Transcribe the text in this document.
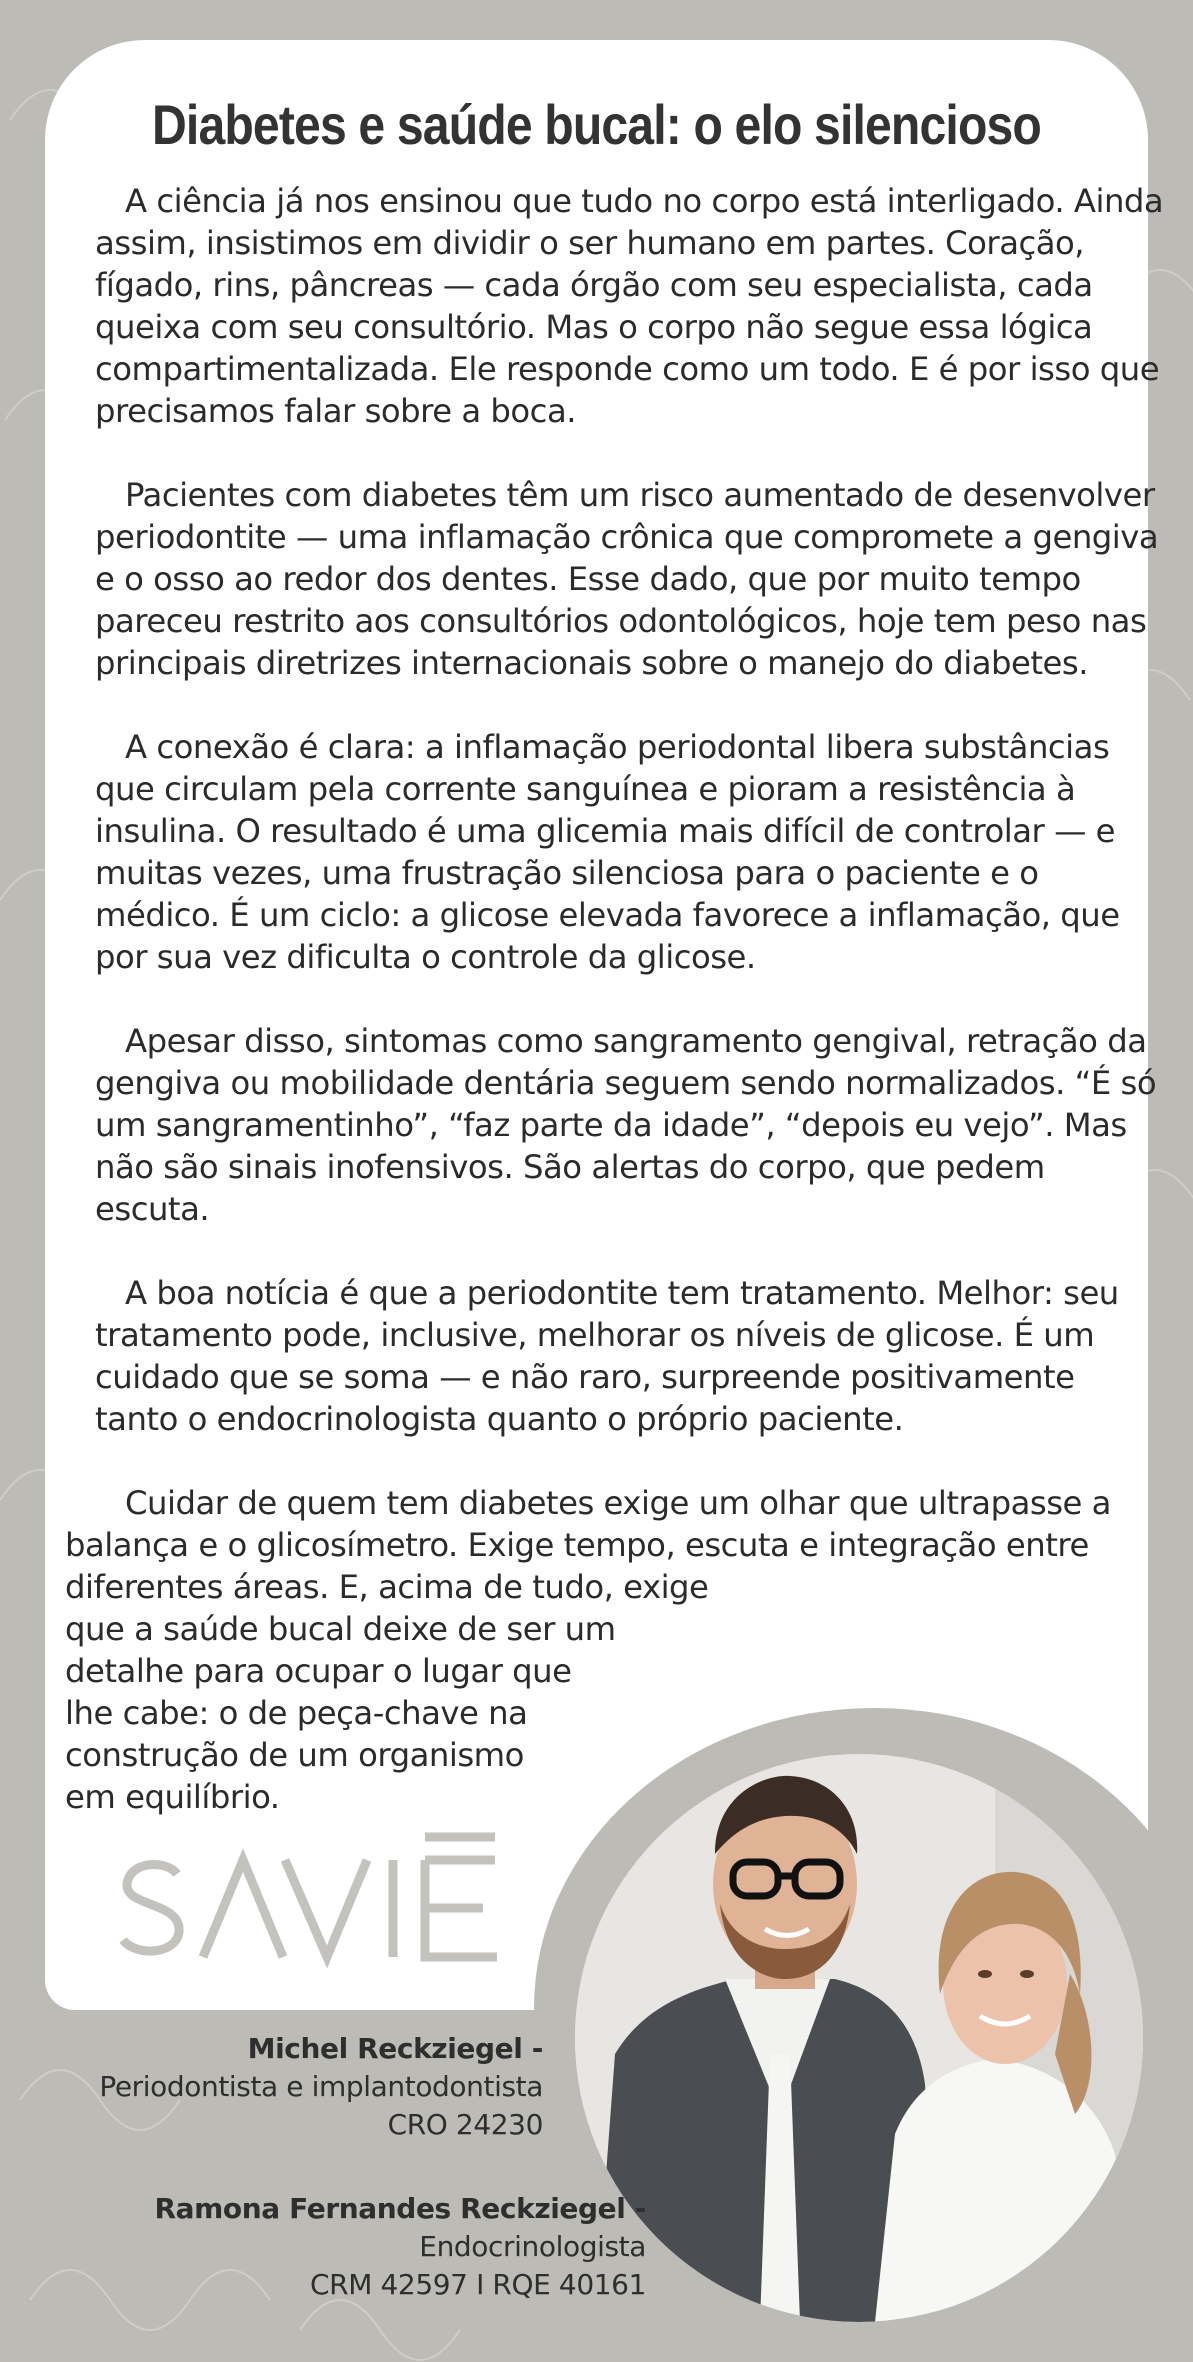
Diabetes e saúde bucal: o elo silencioso

A ciência já nos ensinou que tudo no corpo está interligado. Ainda assim, insistimos em dividir o ser humano em partes. Coração, fígado, rins, pâncreas — cada órgão com seu especialista, cada queixa com seu consultório. Mas o corpo não segue essa lógica compartimentalizada. Ele responde como um todo. E é por isso que precisamos falar sobre a boca.

Pacientes com diabetes têm um risco aumentado de desenvolver periodontite — uma inflamação crônica que compromete a gengiva e o osso ao redor dos dentes. Esse dado, que por muito tempo pareceu restrito aos consultórios odontológicos, hoje tem peso nas principais diretrizes internacionais sobre o manejo do diabetes.

A conexão é clara: a inflamação periodontal libera substâncias que circulam pela corrente sanguínea e pioram a resistência à insulina. O resultado é uma glicemia mais difícil de controlar — e muitas vezes, uma frustração silenciosa para o paciente e o médico. É um ciclo: a glicose elevada favorece a inflamação, que por sua vez dificulta o controle da glicose.

Apesar disso, sintomas como sangramento gengival, retração da gengiva ou mobilidade dentária seguem sendo normalizados. “É só um sangramentinho”, “faz parte da idade”, “depois eu vejo”. Mas não são sinais inofensivos. São alertas do corpo, que pedem escuta.

A boa notícia é que a periodontite tem tratamento. Melhor: seu tratamento pode, inclusive, melhorar os níveis de glicose. É um cuidado que se soma — e não raro, surpreende positivamente tanto o endocrinologista quanto o próprio paciente.

Cuidar de quem tem diabetes exige um olhar que ultrapasse a
balança e o glicosímetro. Exige tempo, escuta e integração entre
diferentes áreas. E, acima de tudo, exige
que a saúde bucal deixe de ser um
detalhe para ocupar o lugar que
lhe cabe: o de peça-chave na
construção de um organismo
em equilíbrio.

Michel Reckziegel -
Periodontista e implantodontista
CRO 24230
Ramona Fernandes Reckziegel -
Endocrinologista
CRM 42597 I RQE 40161
